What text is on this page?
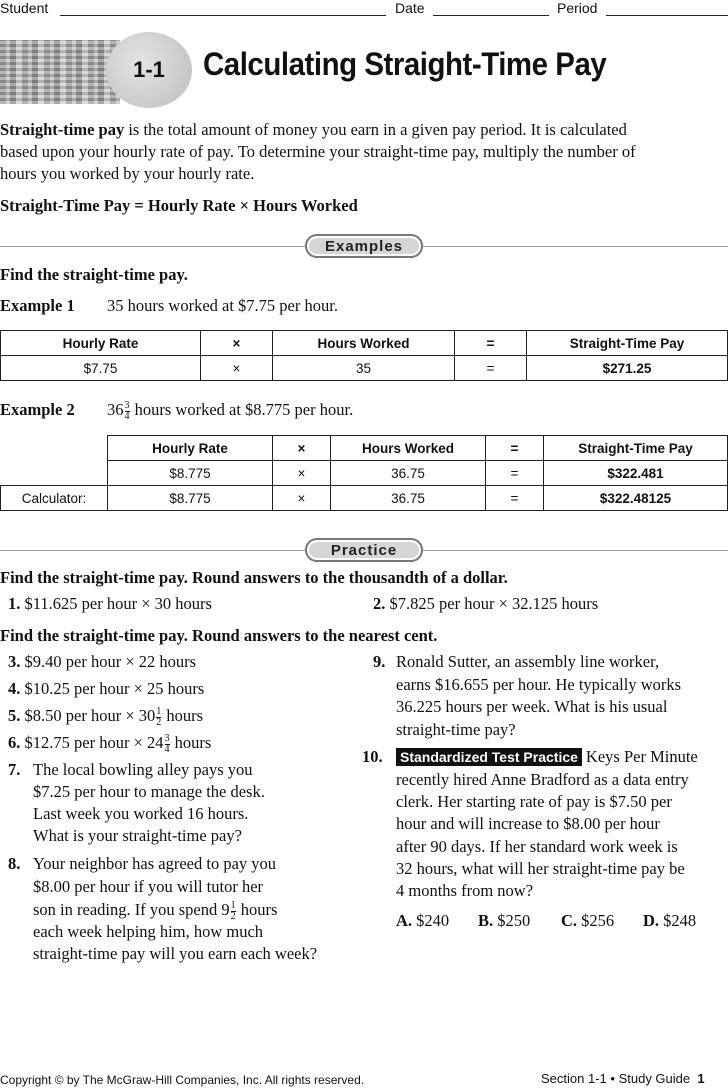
Student	Date	Period
1-1 Calculating Straight-Time Pay
Straight-time pay is the total amount of money you earn in a given pay period. It is calculated
based upon your hourly rate of pay. To determine your straight-time pay, multiply the number of
hours you worked by your hourly rate.
Straight-Time Pay = Hourly Rate × Hours Worked
Examples
Find the straight-time pay.
Example 1	35 hours worked at $7.75 per hour.
Hourly Rate	×	Hours Worked	=	Straight-Time Pay
$7.75	×	35	=	$271.25
Example 2	$36 \frac{3}{4}$ hours worked at $8.775 per hour.
	Hourly Rate	×	Hours Worked	=	Straight-Time Pay
	$8.775	×	36.75	=	$322.481
Calculator:	$8.775	×	36.75	=	$322.48125
Practice
Find the straight-time pay. Round answers to the thousandth of a dollar.
1. $11.625 per hour × 30 hours	2. $7.825 per hour × 32.125 hours
Find the straight-time pay. Round answers to the nearest cent.
3. $9.40 per hour × 22 hours
4. $10.25 per hour × 25 hours
5. $8.50 per hour × $30 \frac{1}{2}$ hours
6. $12.75 per hour × $24 \frac{3}{4}$ hours
7. The local bowling alley pays you
$7.25 per hour to manage the desk.
Last week you worked 16 hours.
What is your straight-time pay?
8. Your neighbor has agreed to pay you
$8.00 per hour if you will tutor her
son in reading. If you spend $9 \frac{1}{2}$ hours
each week helping him, how much
straight-time pay will you earn each week?
9. Ronald Sutter, an assembly line worker,
earns $16.655 per hour. He typically works
36.225 hours per week. What is his usual
straight-time pay?
10. Standardized Test Practice Keys Per Minute
recently hired Anne Bradford as a data entry
clerk. Her starting rate of pay is $7.50 per
hour and will increase to $8.00 per hour
after 90 days. If her standard work week is
32 hours, what will her straight-time pay be
4 months from now?
A. $240 B. $250 C. $256 D. $248
Copyright © by The McGraw-Hill Companies, Inc. All rights reserved.	Section 1-1 • Study Guide 1
